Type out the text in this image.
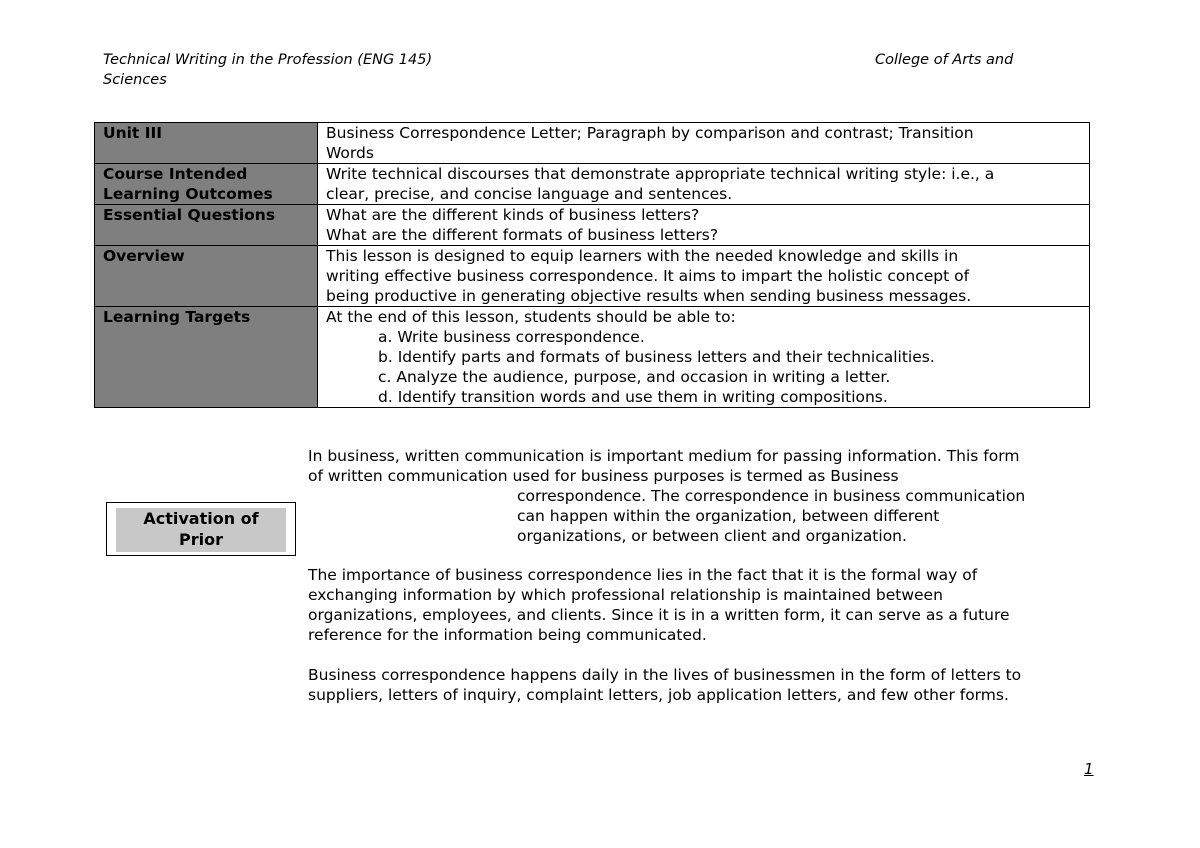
Technical Writing in the Profession (ENG 145)
Sciences
College of Arts and
Unit III	Business Correspondence Letter; Paragraph by comparison and contrast; Transition
Words
Course Intended Learning Outcomes	Write technical discourses that demonstrate appropriate technical writing style: i.e., a
clear, precise, and concise language and sentences.
Essential Questions	What are the different kinds of business letters?
What are the different formats of business letters?
Overview	This lesson is designed to equip learners with the needed knowledge and skills in
writing effective business correspondence. It aims to impart the holistic concept of
being productive in generating objective results when sending business messages.
Learning Targets	At the end of this lesson, students should be able to:
a. Write business correspondence.
b. Identify parts and formats of business letters and their technicalities.
c. Analyze the audience, purpose, and occasion in writing a letter.
d. Identify transition words and use them in writing compositions.
Activation of
Prior
In business, written communication is important medium for passing information. This form
of written communication used for business purposes is termed as Business
correspondence. The correspondence in business communication
can happen within the organization, between different
organizations, or between client and organization.
The importance of business correspondence lies in the fact that it is the formal way of
exchanging information by which professional relationship is maintained between
organizations, employees, and clients. Since it is in a written form, it can serve as a future
reference for the information being communicated.
Business correspondence happens daily in the lives of businessmen in the form of letters to
suppliers, letters of inquiry, complaint letters, job application letters, and few other forms.
1
